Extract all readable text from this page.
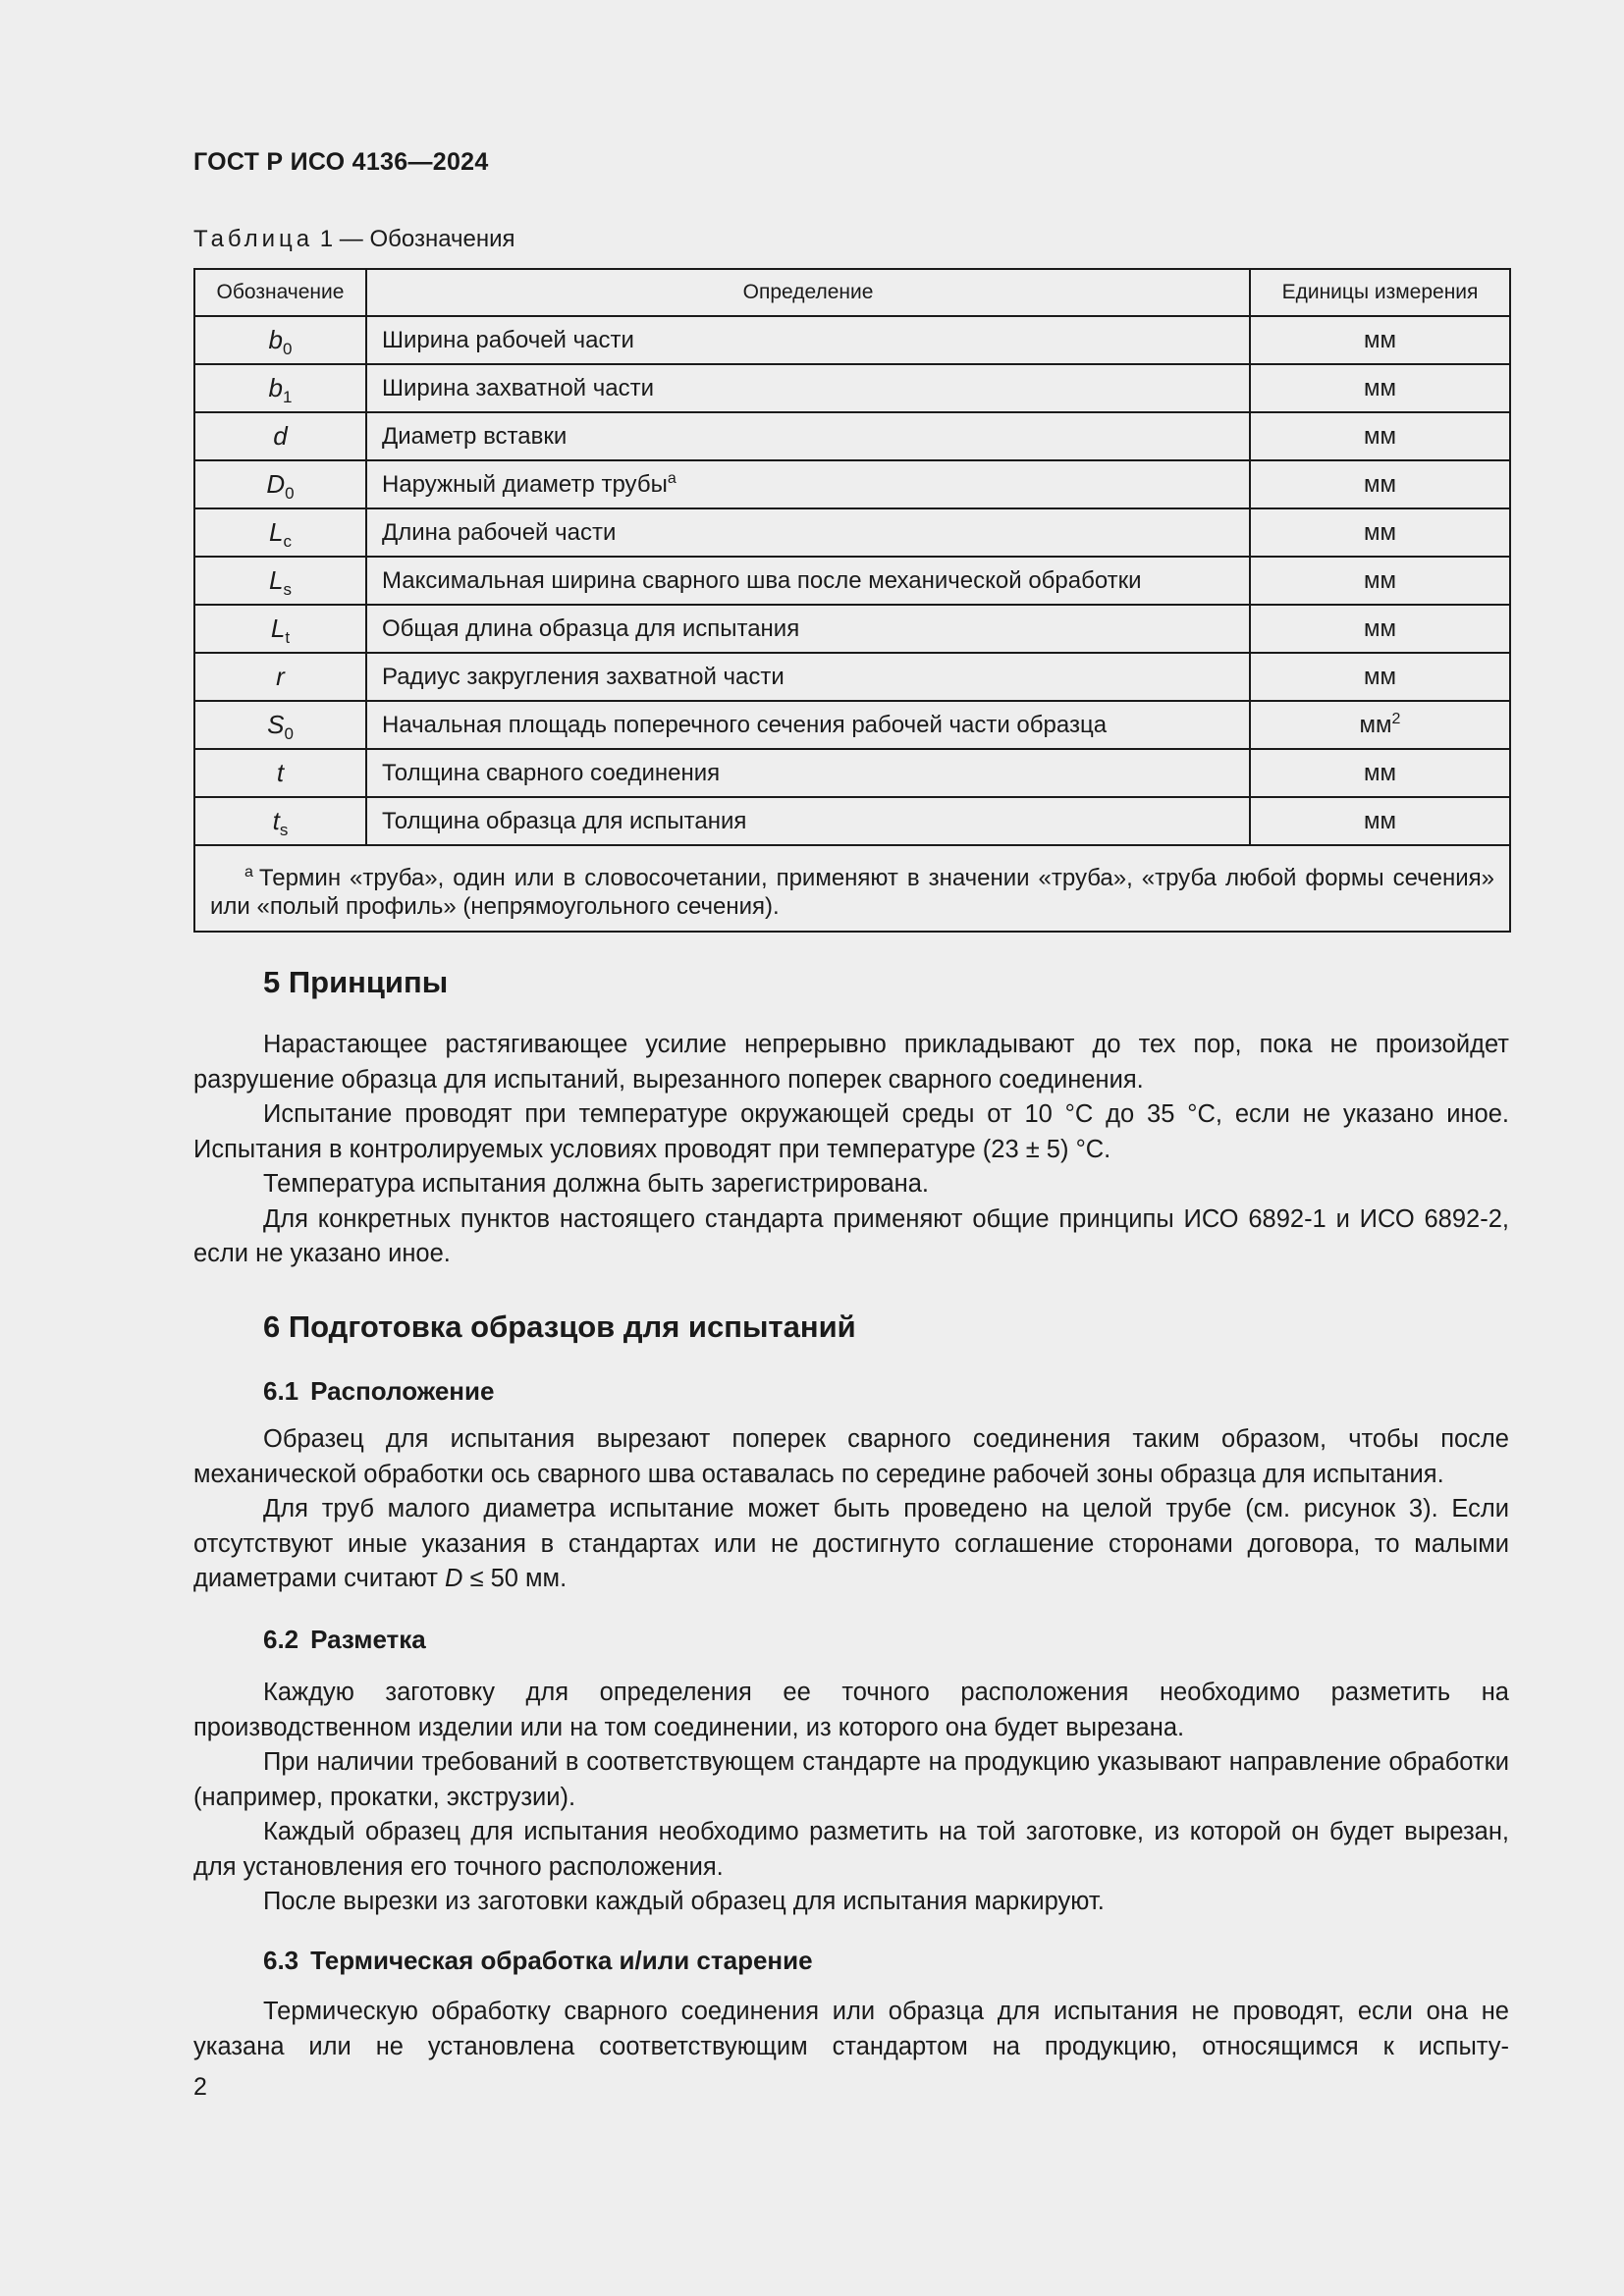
ГОСТ Р ИСО 4136—2024
Таблица 1 — Обозначения
Обозначение	Определение	Единицы измерения
$b_0$	Ширина рабочей части	мм
$b_1$	Ширина захватной части	мм
d	Диаметр вставки	мм
$D_0$	Наружный диаметр трубы$^a$	мм
$L_c$	Длина рабочей части	мм
$L_s$	Максимальная ширина сварного шва после механической обработки	мм
$L_t$	Общая длина образца для испытания	мм
r	Радиус закругления захватной части	мм
$S_0$	Начальная площадь поперечного сечения рабочей части образца	$мм^2$
t	Толщина сварного соединения	мм
$t_s$	Толщина образца для испытания	мм
$^a$ Термин «труба», один или в словосочетании, применяют в значении «труба», «труба любой формы сечения» или «полый профиль» (непрямоугольного сечения).		
5 Принципы

Нарастающее растягивающее усилие непрерывно прикладывают до тех пор, пока не произойдет разрушение образца для испытаний, вырезанного поперек сварного соединения.

Испытание проводят при температуре окружающей среды от 10 °С до 35 °С, если не указано иное. Испытания в контролируемых условиях проводят при температуре (23 ± 5) °С.

Температура испытания должна быть зарегистрирована.

Для конкретных пунктов настоящего стандарта применяют общие принципы ИСО 6892-1 и ИСО 6892-2, если не указано иное.

6 Подготовка образцов для испытаний
6.1 Расположение

Образец для испытания вырезают поперек сварного соединения таким образом, чтобы после механической обработки ось сварного шва оставалась по середине рабочей зоны образца для испытания.

Для труб малого диаметра испытание может быть проведено на целой трубе (см. рисунок 3). Если отсутствуют иные указания в стандартах или не достигнуто соглашение сторонами договора, то малыми диаметрами считают D ≤ 50 мм.

6.2 Разметка

Каждую заготовку для определения ее точного расположения необходимо разметить на производственном изделии или на том соединении, из которого она будет вырезана.

При наличии требований в соответствующем стандарте на продукцию указывают направление обработки (например, прокатки, экструзии).

Каждый образец для испытания необходимо разметить на той заготовке, из которой он будет вырезан, для установления его точного расположения.

После вырезки из заготовки каждый образец для испытания маркируют.

6.3 Термическая обработка и/или старение

Термическую обработку сварного соединения или образца для испытания не проводят, если она не указана или не установлена соответствующим стандартом на продукцию, относящимся к испыту-

2
